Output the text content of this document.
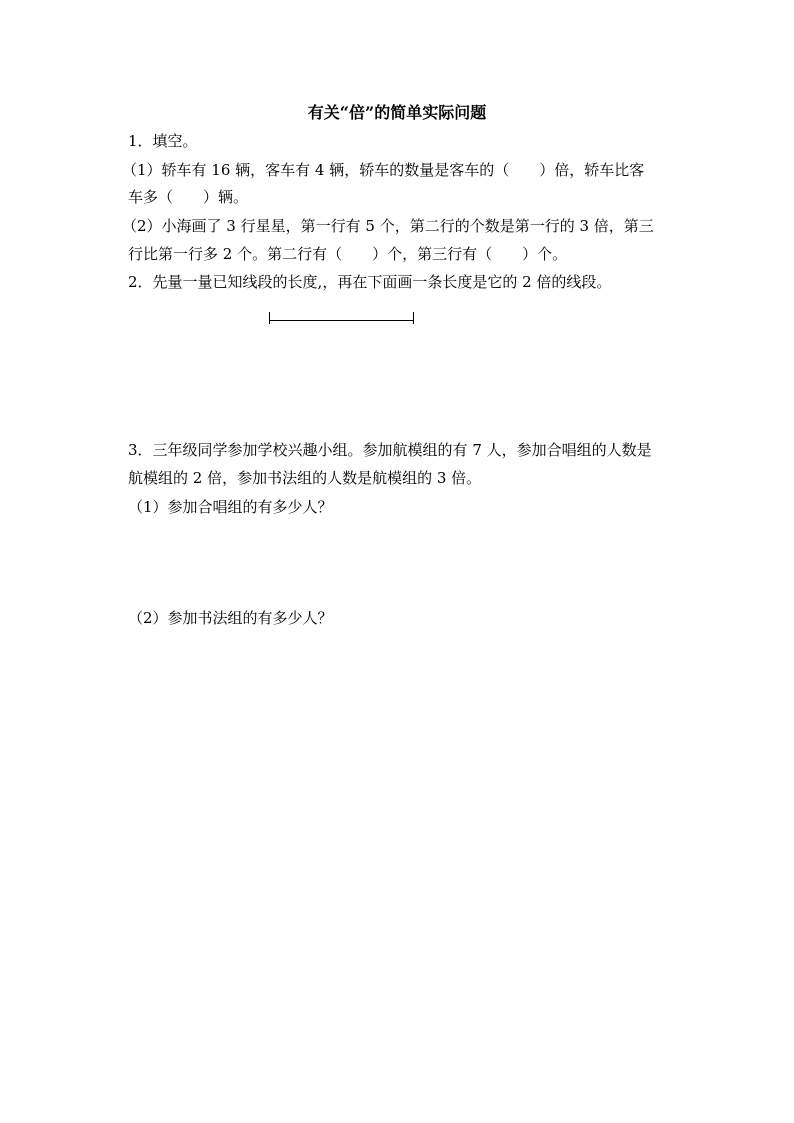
有关“倍”的简单实际问题

1．填空。

（1）轿车有 16 辆，客车有 4 辆，轿车的数量是客车的（　　）倍，轿车比客

车多（　　）辆。

（2）小海画了 3 行星星，第一行有 5 个，第二行的个数是第一行的 3 倍，第三

行比第一行多 2 个。第二行有（　　）个，第三行有（　　）个。

2．先量一量已知线段的长度,，再在下面画一条长度是它的 2 倍的线段。

3．三年级同学参加学校兴趣小组。参加航模组的有 7 人，参加合唱组的人数是

航模组的 2 倍，参加书法组的人数是航模组的 3 倍。

（1）参加合唱组的有多少人？

（2）参加书法组的有多少人？
